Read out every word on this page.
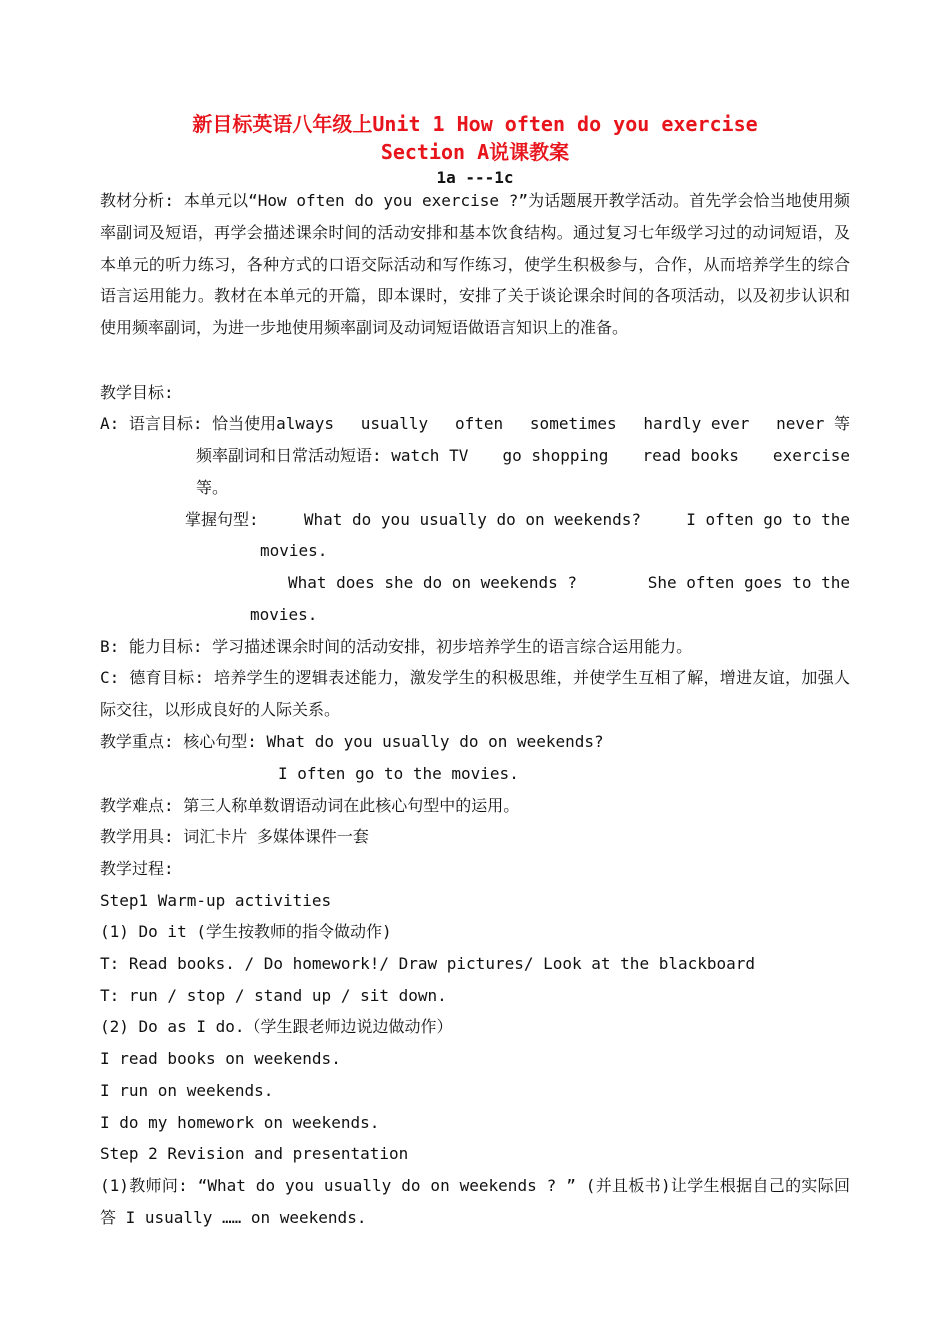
新目标英语八年级上Unit 1 How often do you exercise
Section A说课教案
1a ---1c
教材分析: 本单元以“How often do you exercise ?”为话题展开教学活动。首先学会恰当地使用频率副词及短语，再学会描述课余时间的活动安排和基本饮食结构。通过复习七年级学习过的动词短语，及本单元的听力练习，各种方式的口语交际活动和写作练习，使学生积极参与，合作，从而培养学生的综合语言运用能力。教材在本单元的开篇，即本课时，安排了关于谈论课余时间的各项活动，以及初步认识和使用频率副词，为进一步地使用频率副词及动词短语做语言知识上的准备。
教学目标:
A: 语言目标: 恰当使用always usually often sometimes hardly ever never 等
频率副词和日常活动短语: watch TV go shopping read books exercise
等。
掌握句型:	What do you usually do on weekends?	I often go to the
movies.
What does she do on weekends ?	She often goes to the
movies.
B: 能力目标: 学习描述课余时间的活动安排，初步培养学生的语言综合运用能力。
C: 德育目标: 培养学生的逻辑表述能力，激发学生的积极思维，并使学生互相了解，增进友谊，加强人际交往，以形成良好的人际关系。
教学重点: 核心句型: What do you usually do on weekends?
I often go to the movies.
教学难点: 第三人称单数谓语动词在此核心句型中的运用。
教学用具: 词汇卡片 多媒体课件一套
教学过程:
Step1 Warm-up activities
(1) Do it (学生按教师的指令做动作)
T: Read books. / Do homework!/ Draw pictures/ Look at the blackboard
T: run / stop / stand up / sit down.
(2) Do as I do.（学生跟老师边说边做动作）
I read books on weekends.
I run on weekends.
I do my homework on weekends.
Step 2 Revision and presentation
(1)教师问: “What do you usually do on weekends ? ” (并且板书)让学生根据自己的实际回答 I usually …… on weekends.
